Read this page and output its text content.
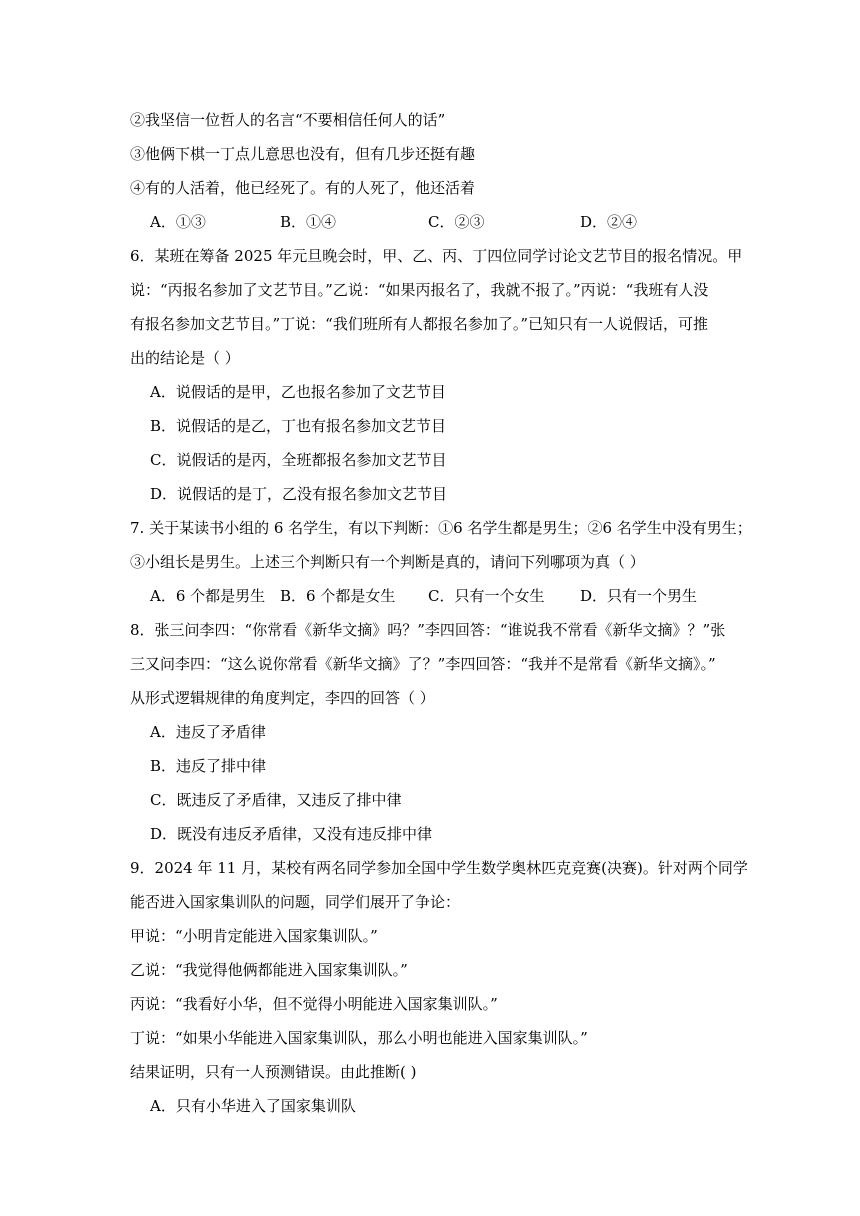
②我坚信一位哲人的名言“不要相信任何人的话”
③他俩下棋一丁点儿意思也没有，但有几步还挺有趣
④有的人活着，他已经死了。有的人死了，他还活着
A．①③	B．①④	C．②③	D．②④
6．某班在筹备 2025 年元旦晚会时，甲、乙、丙、丁四位同学讨论文艺节目的报名情况。甲
说：“丙报名参加了文艺节目。”乙说：“如果丙报名了，我就不报了。”丙说：“我班有人没
有报名参加文艺节目。”丁说：“我们班所有人都报名参加了。”已知只有一人说假话，可推
出的结论是（ ）
A．说假话的是甲，乙也报名参加了文艺节目
B．说假话的是乙，丁也有报名参加文艺节目
C．说假话的是丙，全班都报名参加文艺节目
D．说假话的是丁，乙没有报名参加文艺节目
7. 关于某读书小组的 6 名学生，有以下判断：①6 名学生都是男生；②6 名学生中没有男生；
③小组长是男生。上述三个判断只有一个判断是真的，请问下列哪项为真（ ）
A．6 个都是男生 B．6 个都是女生 C．只有一个女生 D．只有一个男生
8．张三问李四：“你常看《新华文摘》吗？”李四回答：“谁说我不常看《新华文摘》？”张
三又问李四：“这么说你常看《新华文摘》了？”李四回答：“我并不是常看《新华文摘》。”
从形式逻辑规律的角度判定，李四的回答（ ）
A．违反了矛盾律
B．违反了排中律
C．既违反了矛盾律，又违反了排中律
D．既没有违反矛盾律，又没有违反排中律
9．2024 年 11 月，某校有两名同学参加全国中学生数学奥林匹克竞赛(决赛)。针对两个同学
能否进入国家集训队的问题，同学们展开了争论：
甲说：“小明肯定能进入国家集训队。”
乙说：“我觉得他俩都能进入国家集训队。”
丙说：“我看好小华，但不觉得小明能进入国家集训队。”
丁说：“如果小华能进入国家集训队，那么小明也能进入国家集训队。”
结果证明，只有一人预测错误。由此推断( )
A．只有小华进入了国家集训队
